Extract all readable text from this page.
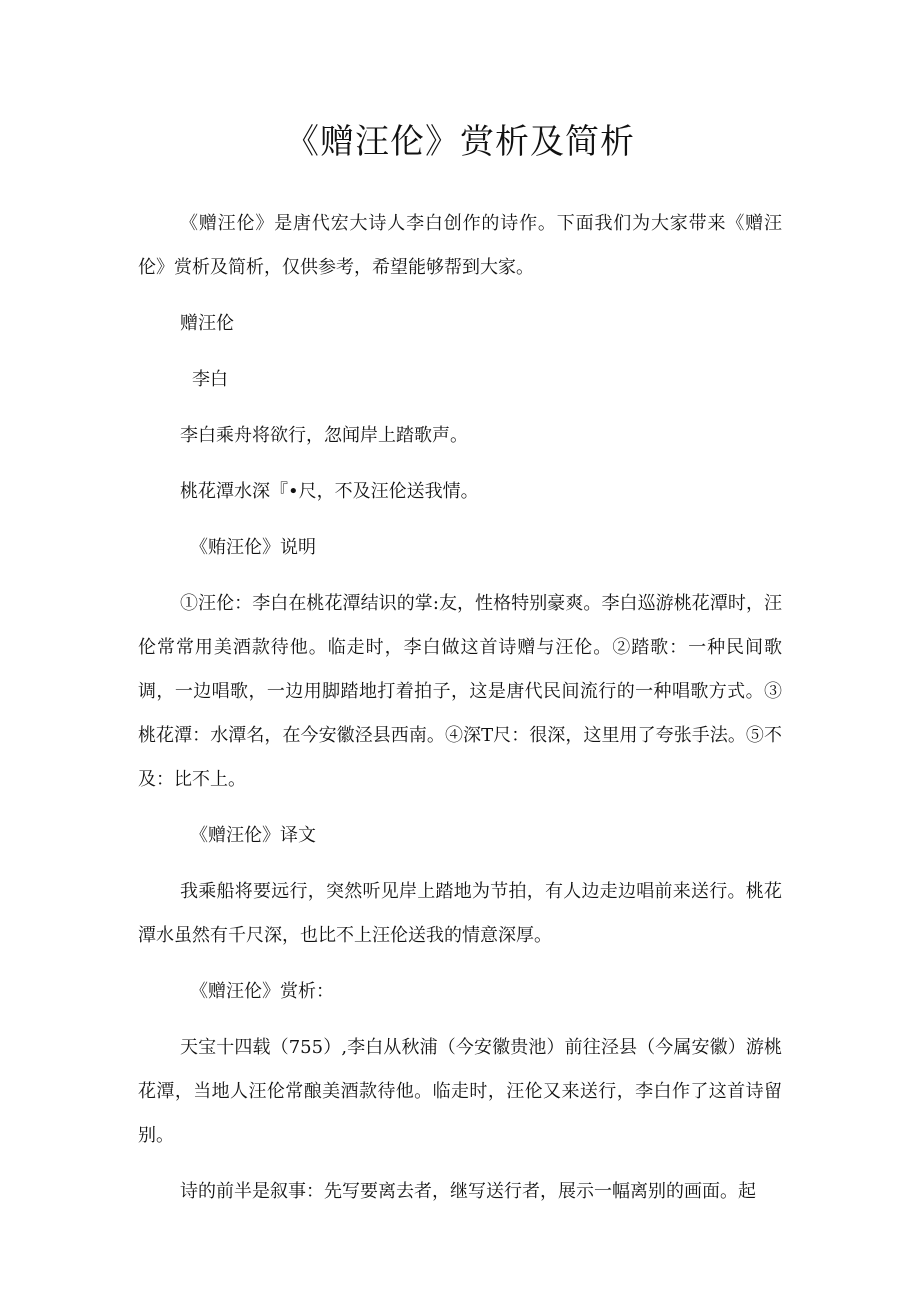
《赠汪伦》赏析及简析

《赠汪伦》是唐代宏大诗人李白创作的诗作。下面我们为大家带来《赠汪伦》赏析及简析，仅供参考，希望能够帮到大家。

赠汪伦

李白

李白乘舟将欲行，忽闻岸上踏歌声。

桃花潭水深『•尺，不及汪伦送我情。

《贿汪伦》说明

①汪伦：李白在桃花潭结识的掌:友，性格特别豪爽。李白巡游桃花潭时，汪伦常常用美酒款待他。临走时，李白做这首诗赠与汪伦。②踏歌：一种民间歌调，一边唱歌，一边用脚踏地打着拍子，这是唐代民间流行的一种唱歌方式。③桃花潭：水潭名，在今安徽泾县西南。④深T尺：很深，这里用了夸张手法。⑤不及：比不上。

《赠汪伦》译文

我乘船将要远行，突然听见岸上踏地为节拍，有人边走边唱前来送行。桃花潭水虽然有千尺深，也比不上汪伦送我的情意深厚。

《赠汪伦》赏析：

天宝十四载（755）,李白从秋浦（今安徽贵池）前往泾县（今属安徽）游桃花潭，当地人汪伦常酿美酒款待他。临走时，汪伦又来送行，李白作了这首诗留别。

诗的前半是叙事：先写要离去者，继写送行者，展示一幅离别的画面。起
